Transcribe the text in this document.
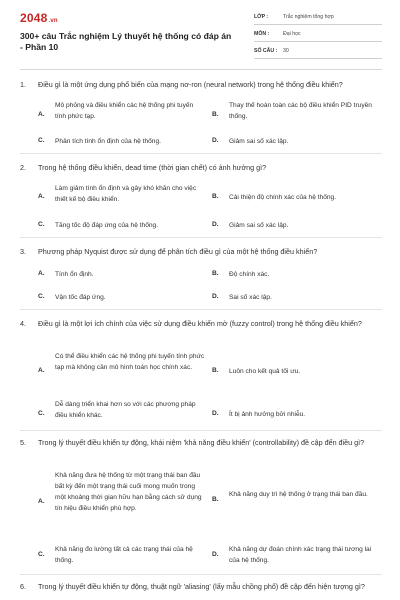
2048.vn
300+ câu Trắc nghiệm Lý thuyết hệ thống có đáp án - Phần 10
LỚP :	Trắc nghiệm tổng hợp
MÔN :	Đại học
SỐ CÂU : 30
1. Điều gì là một ứng dụng phổ biến của mạng nơ-ron (neural network) trong hệ thống điều khiển?
A.
Mô phỏng và điều khiển các hệ thống phi tuyến tính phức tạp.	B.
Thay thế hoàn toàn các bộ điều khiển PID truyền thống.
C. Phân tích tính ổn định của hệ thống.	D. Giảm sai số xác lập.
2. Trong hệ thống điều khiển, dead time (thời gian chết) có ảnh hưởng gì?
A.
Làm giảm tính ổn định và gây khó khăn cho việc thiết kế bộ điều khiển.	B. Cải thiện độ chính xác của hệ thống.
C. Tăng tốc độ đáp ứng của hệ thống.	D. Giảm sai số xác lập.
3. Phương pháp Nyquist được sử dụng để phân tích điều gì của một hệ thống điều khiển?
A. Tính ổn định.	B. Độ chính xác.
C. Vận tốc đáp ứng.	D. Sai số xác lập.
4. Điều gì là một lợi ích chính của việc sử dụng điều khiển mờ (fuzzy control) trong hệ thống điều khiển?
A.
Có thể điều khiển các hệ thống phi tuyến tính phức tạp mà không cần mô hình toán học chính xác.	B. Luôn cho kết quả tối ưu.
C.
Dễ dàng triển khai hơn so với các phương pháp điều khiển khác.	D. Ít bị ảnh hưởng bởi nhiễu.
5. Trong lý thuyết điều khiển tự động, khái niệm 'khả năng điều khiển' (controllability) đề cập đến điều gì?
A.
Khả năng đưa hệ thống từ một trạng thái ban đầu bất kỳ đến một trạng thái cuối mong muốn trong một khoảng thời gian hữu hạn bằng cách sử dụng tín hiệu điều khiển phù hợp.
B.
Khả năng duy trì hệ thống ở trạng thái ban đầu.
C.
Khả năng đo lường tất cả các trạng thái của hệ thống.
D.
Khả năng dự đoán chính xác trạng thái tương lai của hệ thống.
6. Trong lý thuyết điều khiển tự động, thuật ngữ 'aliasing' (lấy mẫu chồng phổ) đề cập đến hiện tượng gì?
